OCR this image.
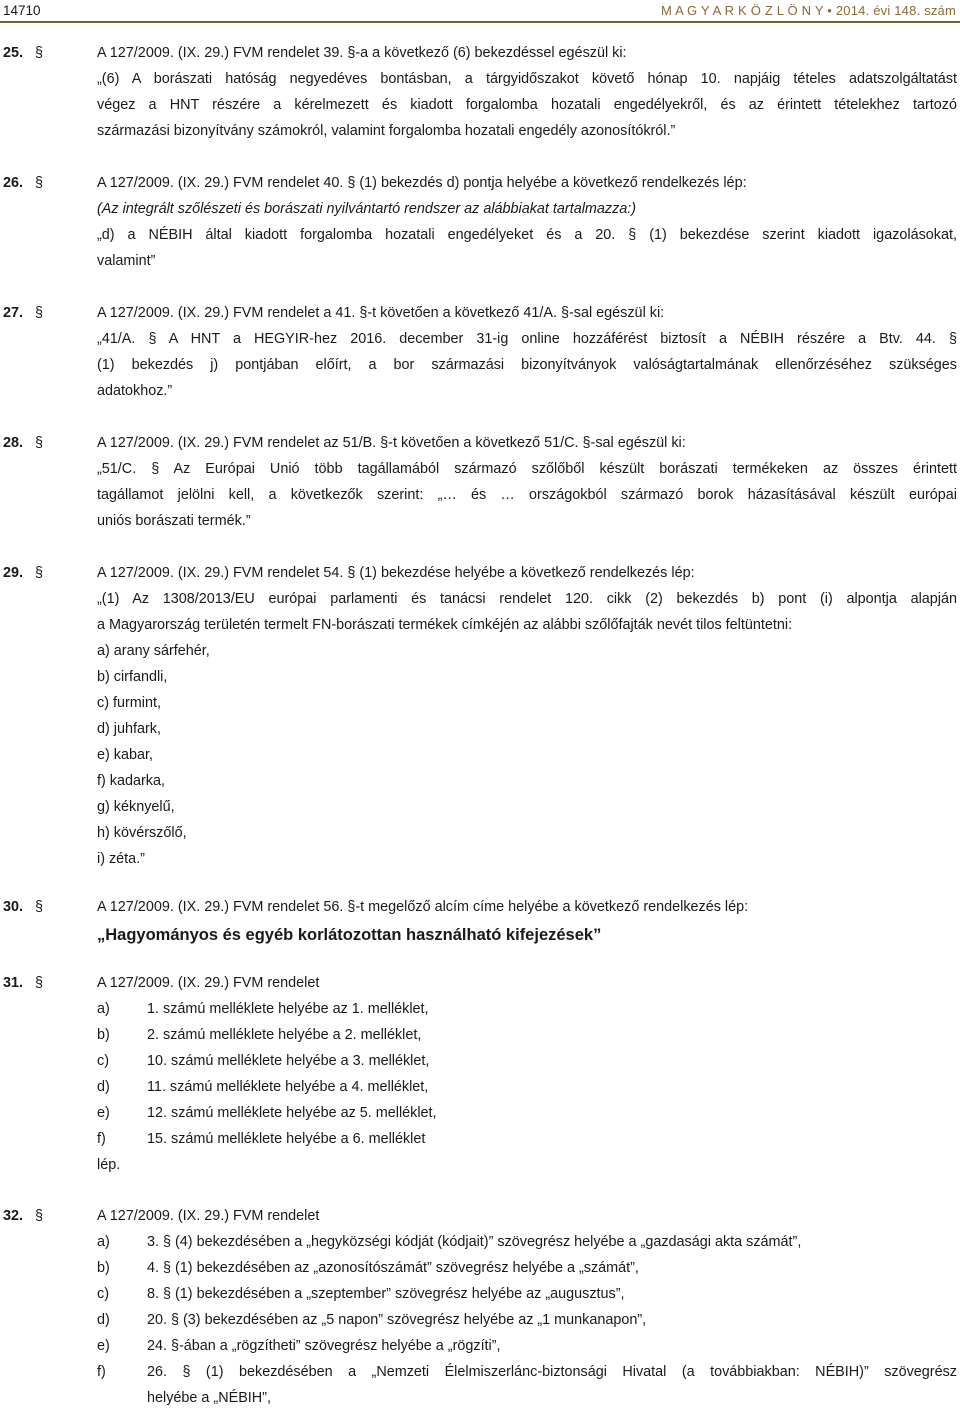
14710	M A G Y A R K Ö Z L Ö N Y • 2014. évi 148. szám
25. §	A 127/2009. (IX. 29.) FVM rendelet 39. §-a a következő (6) bekezdéssel egészül ki:
„(6) A borászati hatóság negyedéves bontásban, a tárgyidőszakot követő hónap 10. napjáig tételes adatszolgáltatást
végez a HNT részére a kérelmezett és kiadott forgalomba hozatali engedélyekről, és az érintett tételekhez tartozó
származási bizonyítvány számokról, valamint forgalomba hozatali engedély azonosítókról.”
26. §	A 127/2009. (IX. 29.) FVM rendelet 40. § (1) bekezdés d) pontja helyébe a következő rendelkezés lép:
(Az integrált szőlészeti és borászati nyilvántartó rendszer az alábbiakat tartalmazza:)
„d) a NÉBIH által kiadott forgalomba hozatali engedélyeket és a 20. § (1) bekezdése szerint kiadott igazolásokat,
valamint”
27. §	A 127/2009. (IX. 29.) FVM rendelet a 41. §-t követően a következő 41/A. §-sal egészül ki:
„41/A. § A HNT a HEGYIR-hez 2016. december 31-ig online hozzáférést biztosít a NÉBIH részére a Btv. 44. §
(1) bekezdés j) pontjában előírt, a bor származási bizonyítványok valóságtartalmának ellenőrzéséhez szükséges
adatokhoz.”
28. §	A 127/2009. (IX. 29.) FVM rendelet az 51/B. §-t követően a következő 51/C. §-sal egészül ki:
„51/C. § Az Európai Unió több tagállamából származó szőlőből készült borászati termékeken az összes érintett
tagállamot jelölni kell, a következők szerint: „… és … országokból származó borok házasításával készült európai
uniós borászati termék.”
29. §	A 127/2009. (IX. 29.) FVM rendelet 54. § (1) bekezdése helyébe a következő rendelkezés lép:
„(1) Az 1308/2013/EU európai parlamenti és tanácsi rendelet 120. cikk (2) bekezdés b) pont (i) alpontja alapján
a Magyarország területén termelt FN-borászati termékek címkéjén az alábbi szőlőfajták nevét tilos feltüntetni:
a) arany sárfehér,
b) cirfandli,
c) furmint,
d) juhfark,
e) kabar,
f) kadarka,
g) kéknyelű,
h) kövérszőlő,
i) zéta.”
30. §	A 127/2009. (IX. 29.) FVM rendelet 56. §-t megelőző alcím címe helyébe a következő rendelkezés lép:
„Hagyományos és egyéb korlátozottan használható kifejezések”
31. §	A 127/2009. (IX. 29.) FVM rendelet
a)	1. számú melléklete helyébe az 1. melléklet,
b)	2. számú melléklete helyébe a 2. melléklet,
c)	10. számú melléklete helyébe a 3. melléklet,
d)	11. számú melléklete helyébe a 4. melléklet,
e)	12. számú melléklete helyébe az 5. melléklet,
f)	15. számú melléklete helyébe a 6. melléklet
lép.
32. §	A 127/2009. (IX. 29.) FVM rendelet
a)	3. § (4) bekezdésében a „hegyközségi kódját (kódjait)” szövegrész helyébe a „gazdasági akta számát”,
b)	4. § (1) bekezdésében az „azonosítószámát” szövegrész helyébe a „számát”,
c)	8. § (1) bekezdésében a „szeptember” szövegrész helyébe az „augusztus”,
d)	20. § (3) bekezdésében az „5 napon” szövegrész helyébe az „1 munkanapon”,
e)	24. §-ában a „rögzítheti” szövegrész helyébe a „rögzíti”,
f)	26. § (1) bekezdésében a „Nemzeti Élelmiszerlánc-biztonsági Hivatal (a továbbiakban: NÉBIH)” szövegrész
helyébe a „NÉBIH”,
